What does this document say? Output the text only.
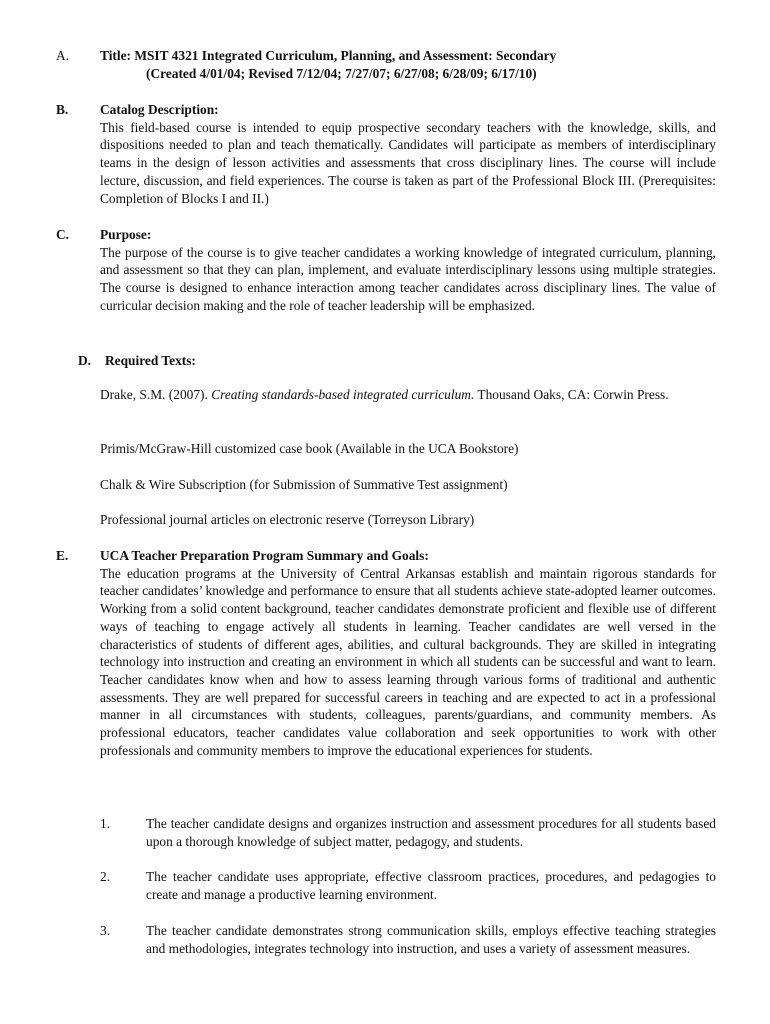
A. Title: MSIT 4321 Integrated Curriculum, Planning, and Assessment: Secondary
(Created 4/01/04; Revised 7/12/04; 7/27/07; 6/27/08; 6/28/09; 6/17/10)
B. Catalog Description:

This field-based course is intended to equip prospective secondary teachers with the knowledge, skills, and dispositions needed to plan and teach thematically. Candidates will participate as members of interdisciplinary teams in the design of lesson activities and assessments that cross disciplinary lines. The course will include lecture, discussion, and field experiences. The course is taken as part of the Professional Block III. (Prerequisites: Completion of Blocks I and II.)

C. Purpose:

The purpose of the course is to give teacher candidates a working knowledge of integrated curriculum, planning, and assessment so that they can plan, implement, and evaluate interdisciplinary lessons using multiple strategies. The course is designed to enhance interaction among teacher candidates across disciplinary lines. The value of curricular decision making and the role of teacher leadership will be emphasized.

D. Required Texts:

Drake, S.M. (2007). Creating standards-based integrated curriculum. Thousand Oaks, CA: Corwin Press.

Primis/McGraw-Hill customized case book (Available in the UCA Bookstore)

Chalk & Wire Subscription (for Submission of Summative Test assignment)

Professional journal articles on electronic reserve (Torreyson Library)

E. UCA Teacher Preparation Program Summary and Goals:

The education programs at the University of Central Arkansas establish and maintain rigorous standards for teacher candidates’ knowledge and performance to ensure that all students achieve state-adopted learner outcomes. Working from a solid content background, teacher candidates demonstrate proficient and flexible use of different ways of teaching to engage actively all students in learning. Teacher candidates are well versed in the characteristics of students of different ages, abilities, and cultural backgrounds. They are skilled in integrating technology into instruction and creating an environment in which all students can be successful and want to learn. Teacher candidates know when and how to assess learning through various forms of traditional and authentic assessments. They are well prepared for successful careers in teaching and are expected to act in a professional manner in all circumstances with students, colleagues, parents/guardians, and community members. As professional educators, teacher candidates value collaboration and seek opportunities to work with other professionals and community members to improve the educational experiences for students.

1.	The teacher candidate designs and organizes instruction and assessment procedures for all students based upon a thorough knowledge of subject matter, pedagogy, and students.

2.	The teacher candidate uses appropriate, effective classroom practices, procedures, and pedagogies to create and manage a productive learning environment.

3.	The teacher candidate demonstrates strong communication skills, employs effective teaching strategies and methodologies, integrates technology into instruction, and uses a variety of assessment measures.
